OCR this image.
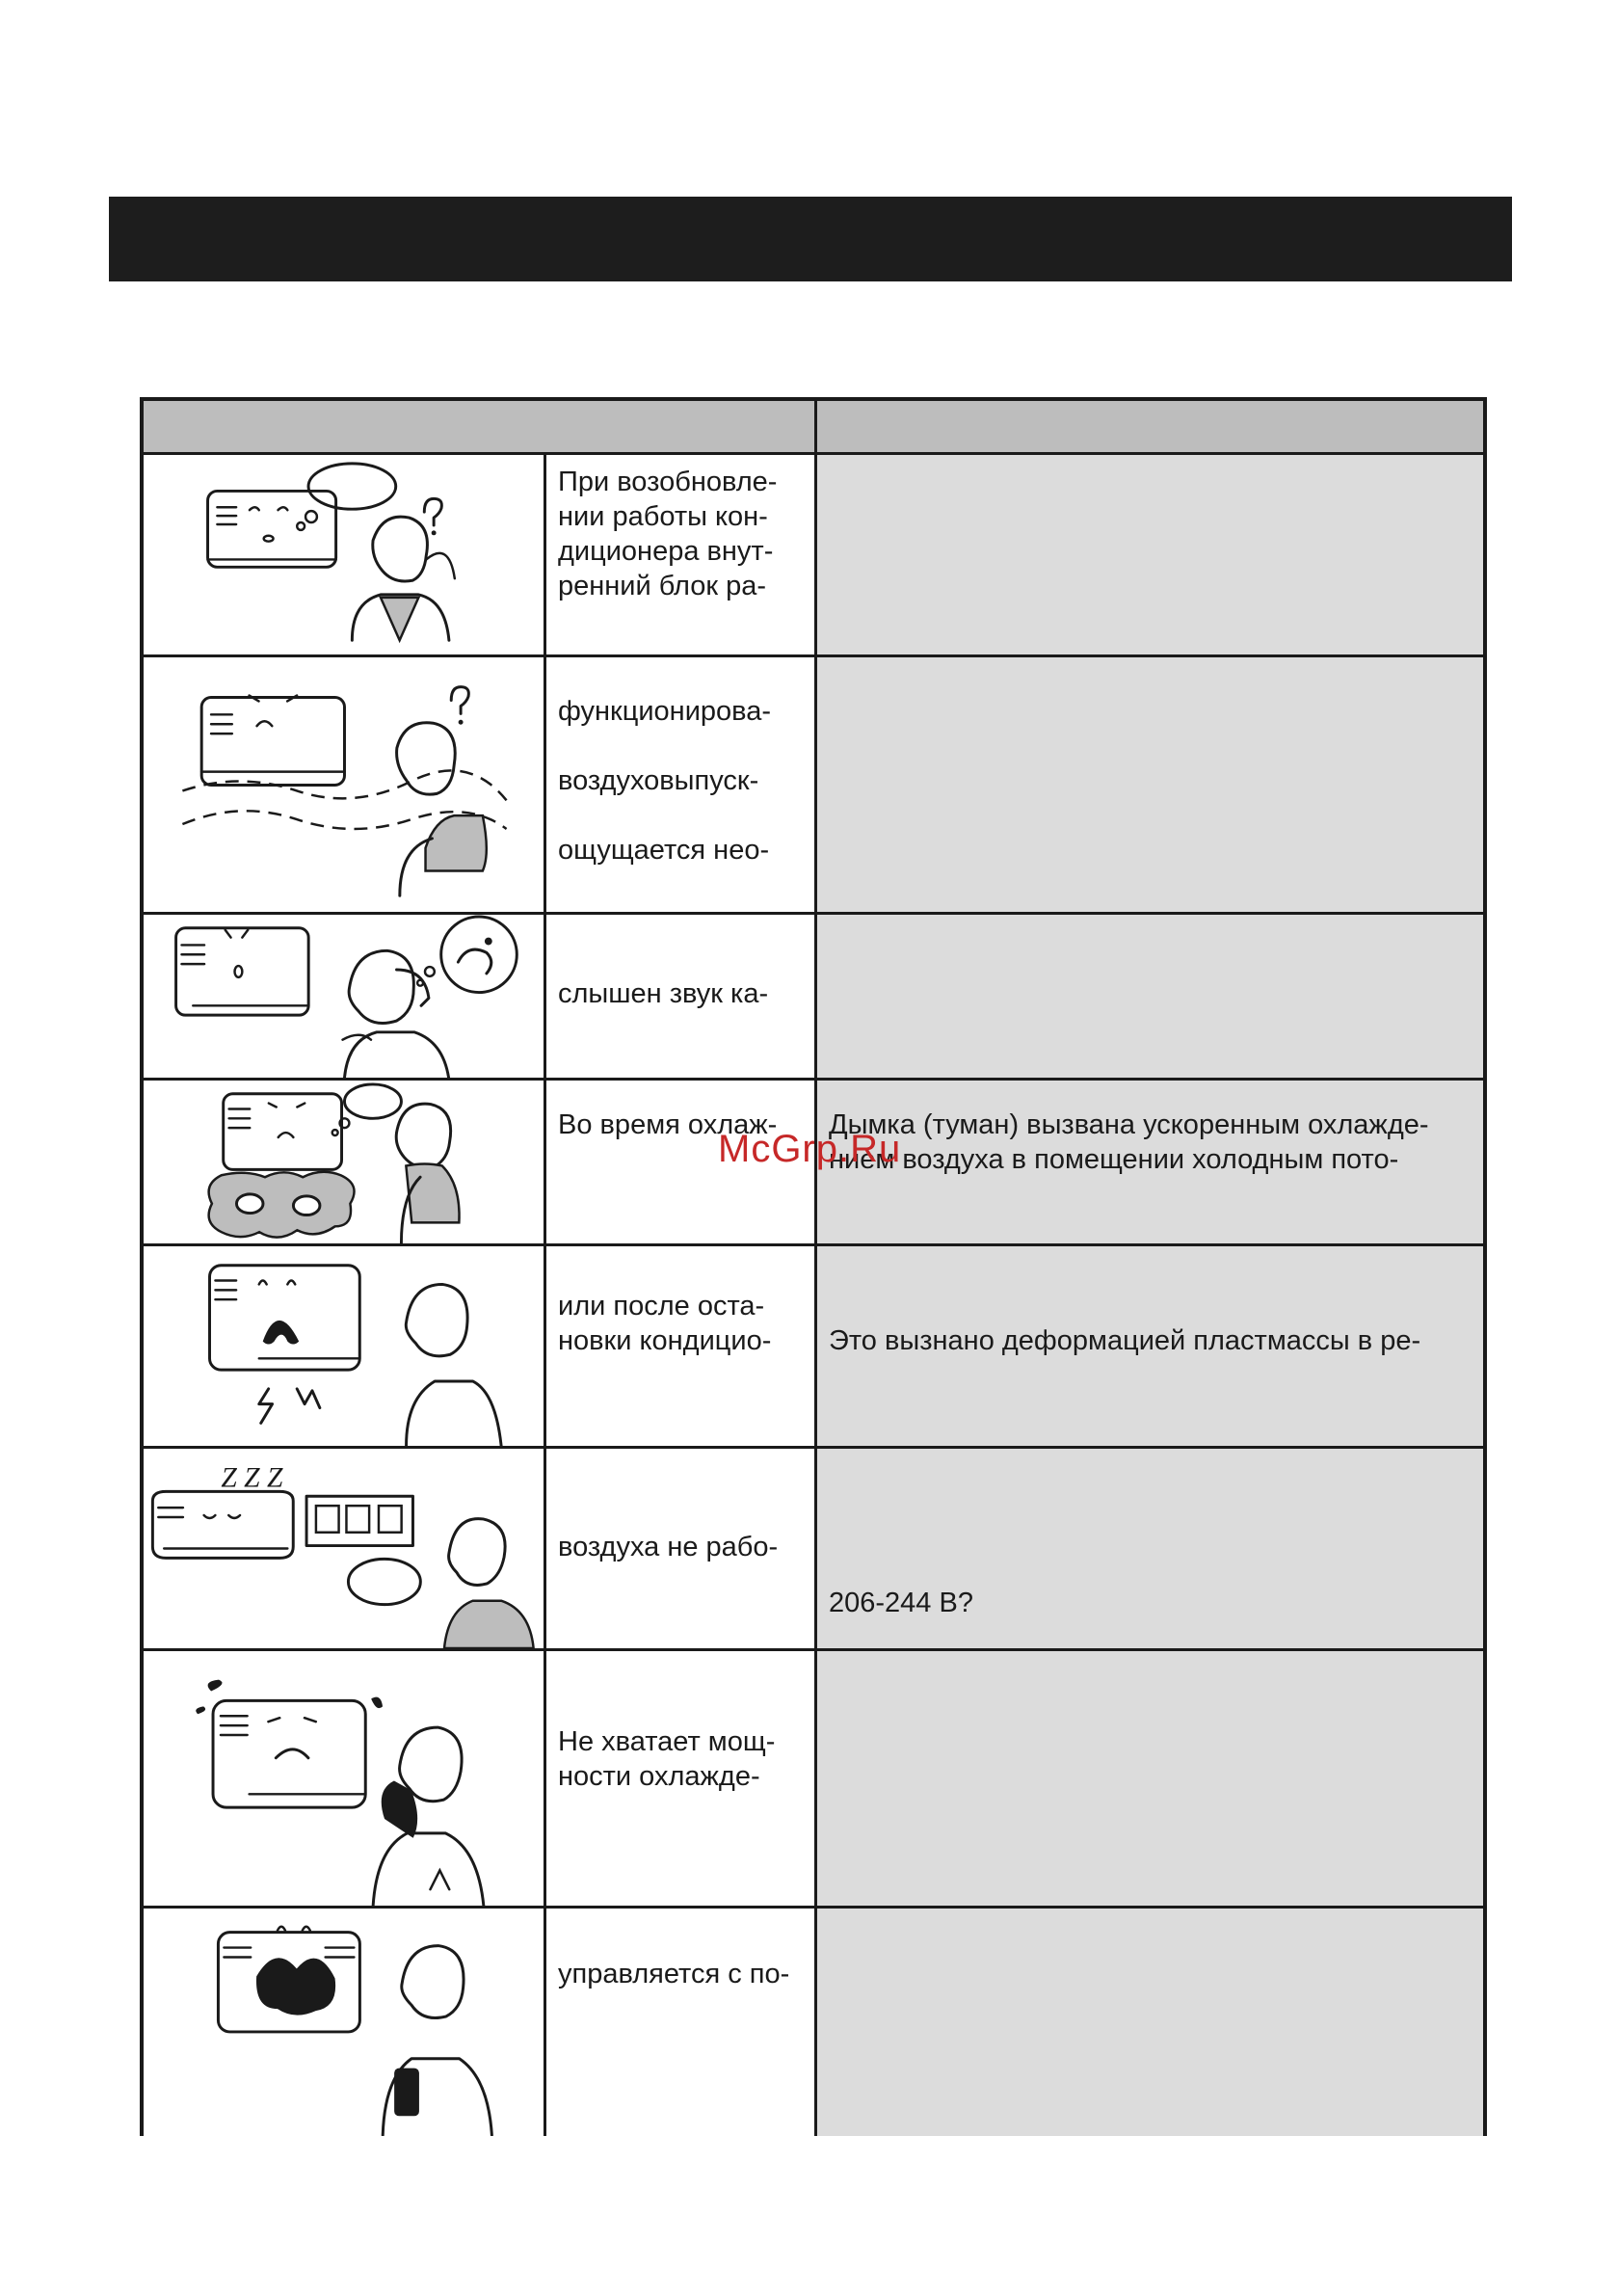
При возобновле-
нии работы кон-
диционера внут-
ренний блок ра-
функционирова-

воздуховыпуск-

ощущается нео-

слышен звук ка-
Во время охлаж-	Дымка (туман) вызвана ускоренным охлажде-
нием воздуха в помещении холодным пото-
или после оста-
новки кондицио-
	Это вызнано деформацией пластмассы в ре-
Z Z Z

воздуха не рабо-

206-244 В?
Не хватает мощ-
ности охлажде-
управляется с по-
McGrp.Ru
